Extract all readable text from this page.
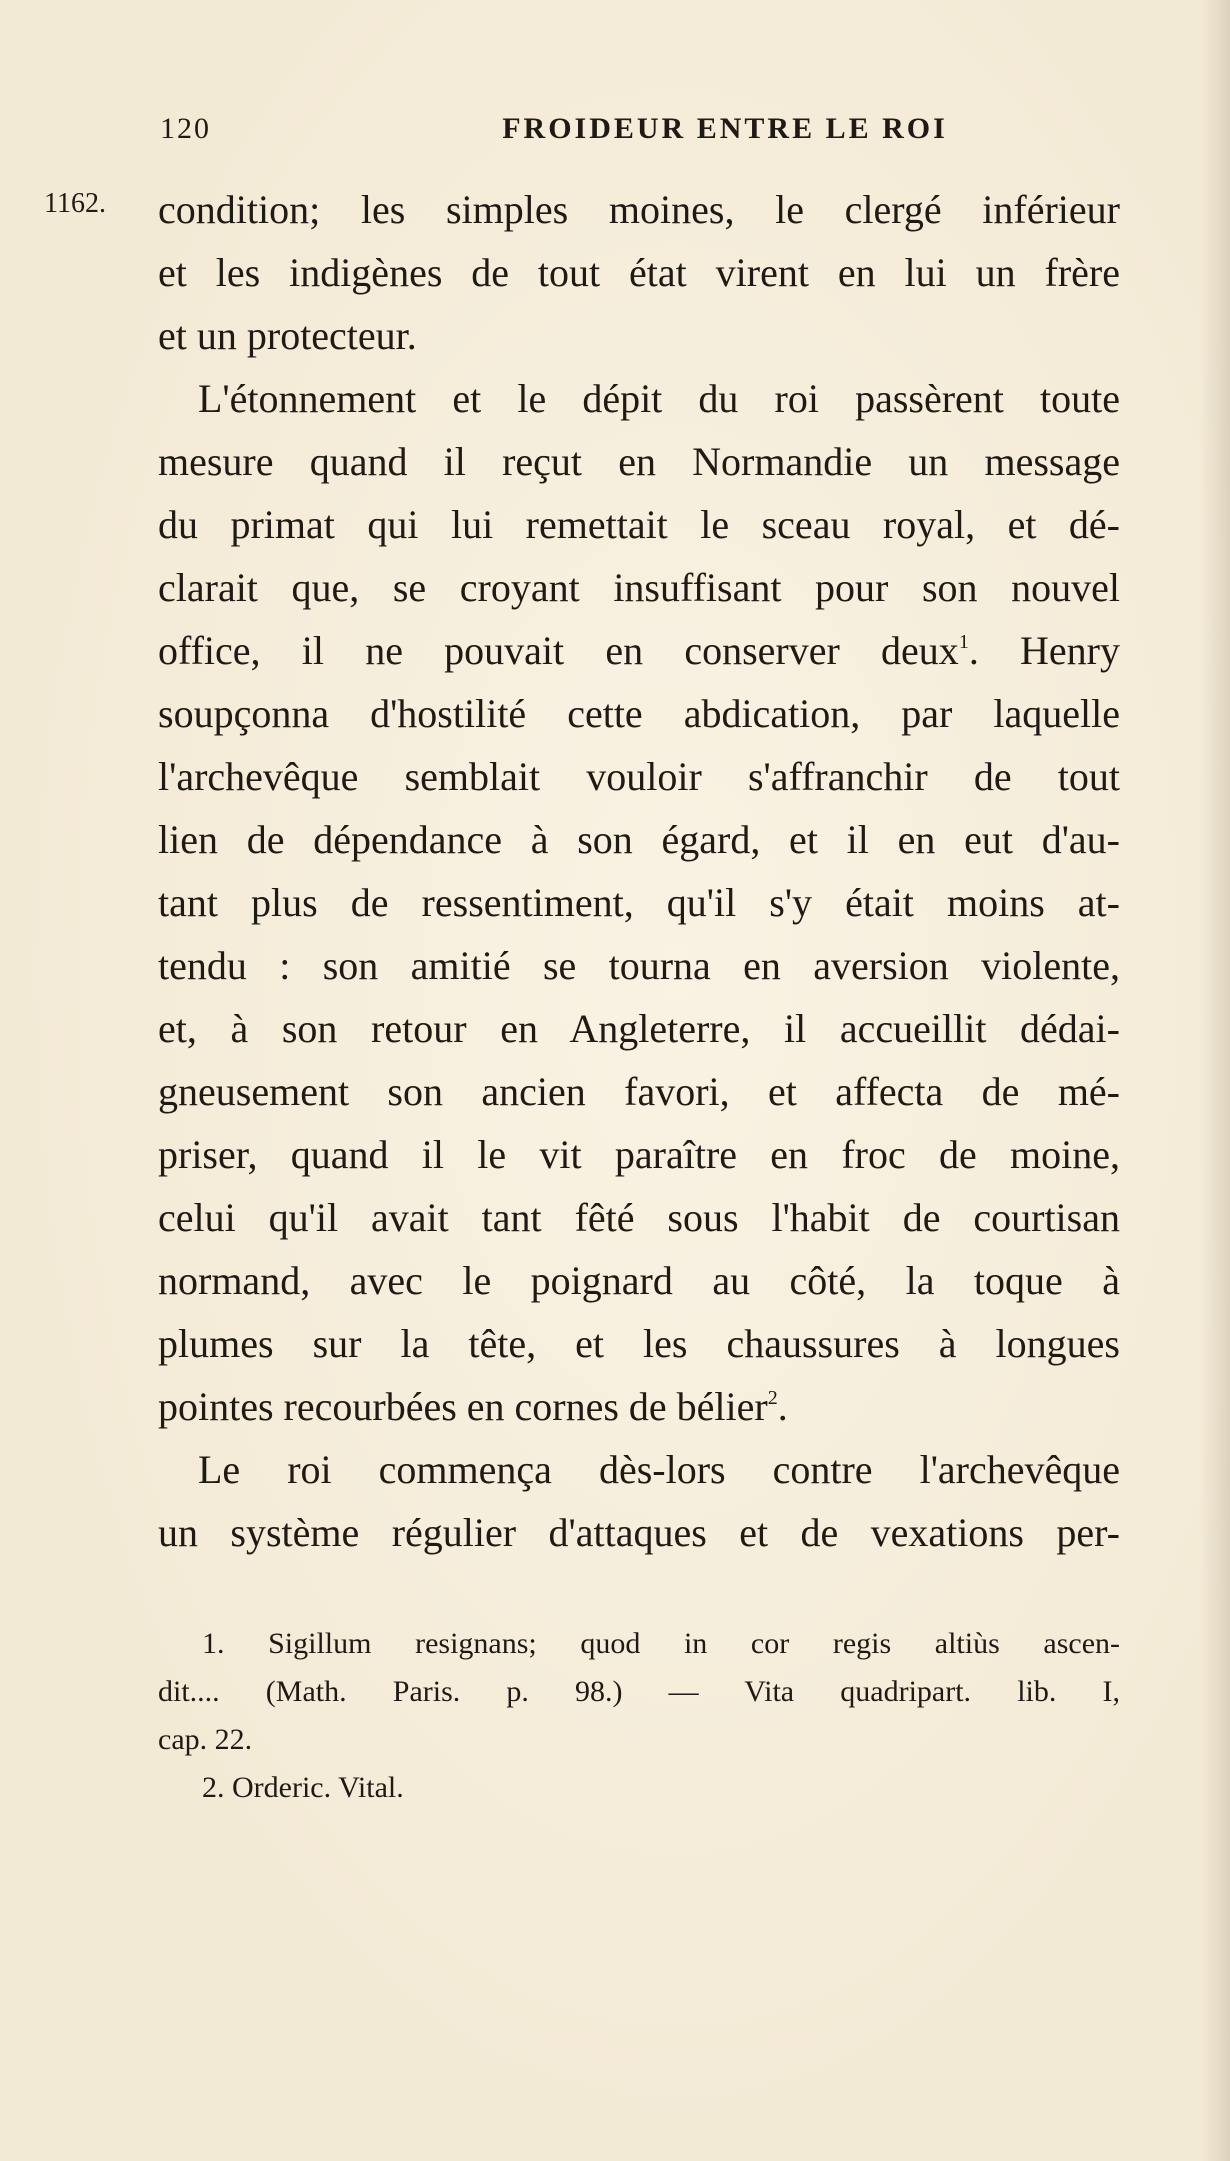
120	FROIDEUR ENTRE LE ROI
1162. condition; les simples moines, le clergé inférieur
et les indigènes de tout état virent en lui un frère
et un protecteur.
L'étonnement et le dépit du roi passèrent toute
mesure quand il reçut en Normandie un message
du primat qui lui remettait le sceau royal, et dé-
clarait que, se croyant insuffisant pour son nouvel
office, il ne pouvait en conserver deux$^1$. Henry
soupçonna d'hostilité cette abdication, par laquelle
l'archevêque semblait vouloir s'affranchir de tout
lien de dépendance à son égard, et il en eut d'au-
tant plus de ressentiment, qu'il s'y était moins at-
tendu : son amitié se tourna en aversion violente,
et, à son retour en Angleterre, il accueillit dédai-
gneusement son ancien favori, et affecta de mé-
priser, quand il le vit paraître en froc de moine,
celui qu'il avait tant fêté sous l'habit de courtisan
normand, avec le poignard au côté, la toque à
plumes sur la tête, et les chaussures à longues
pointes recourbées en cornes de bélier$^2$.
Le roi commença dès-lors contre l'archevêque
un système régulier d'attaques et de vexations per-
1. Sigillum resignans; quod in cor regis altiùs ascen-
dit.... (Math. Paris. p. 98.) — Vita quadripart. lib. I,
cap. 22.
2. Orderic. Vital.
